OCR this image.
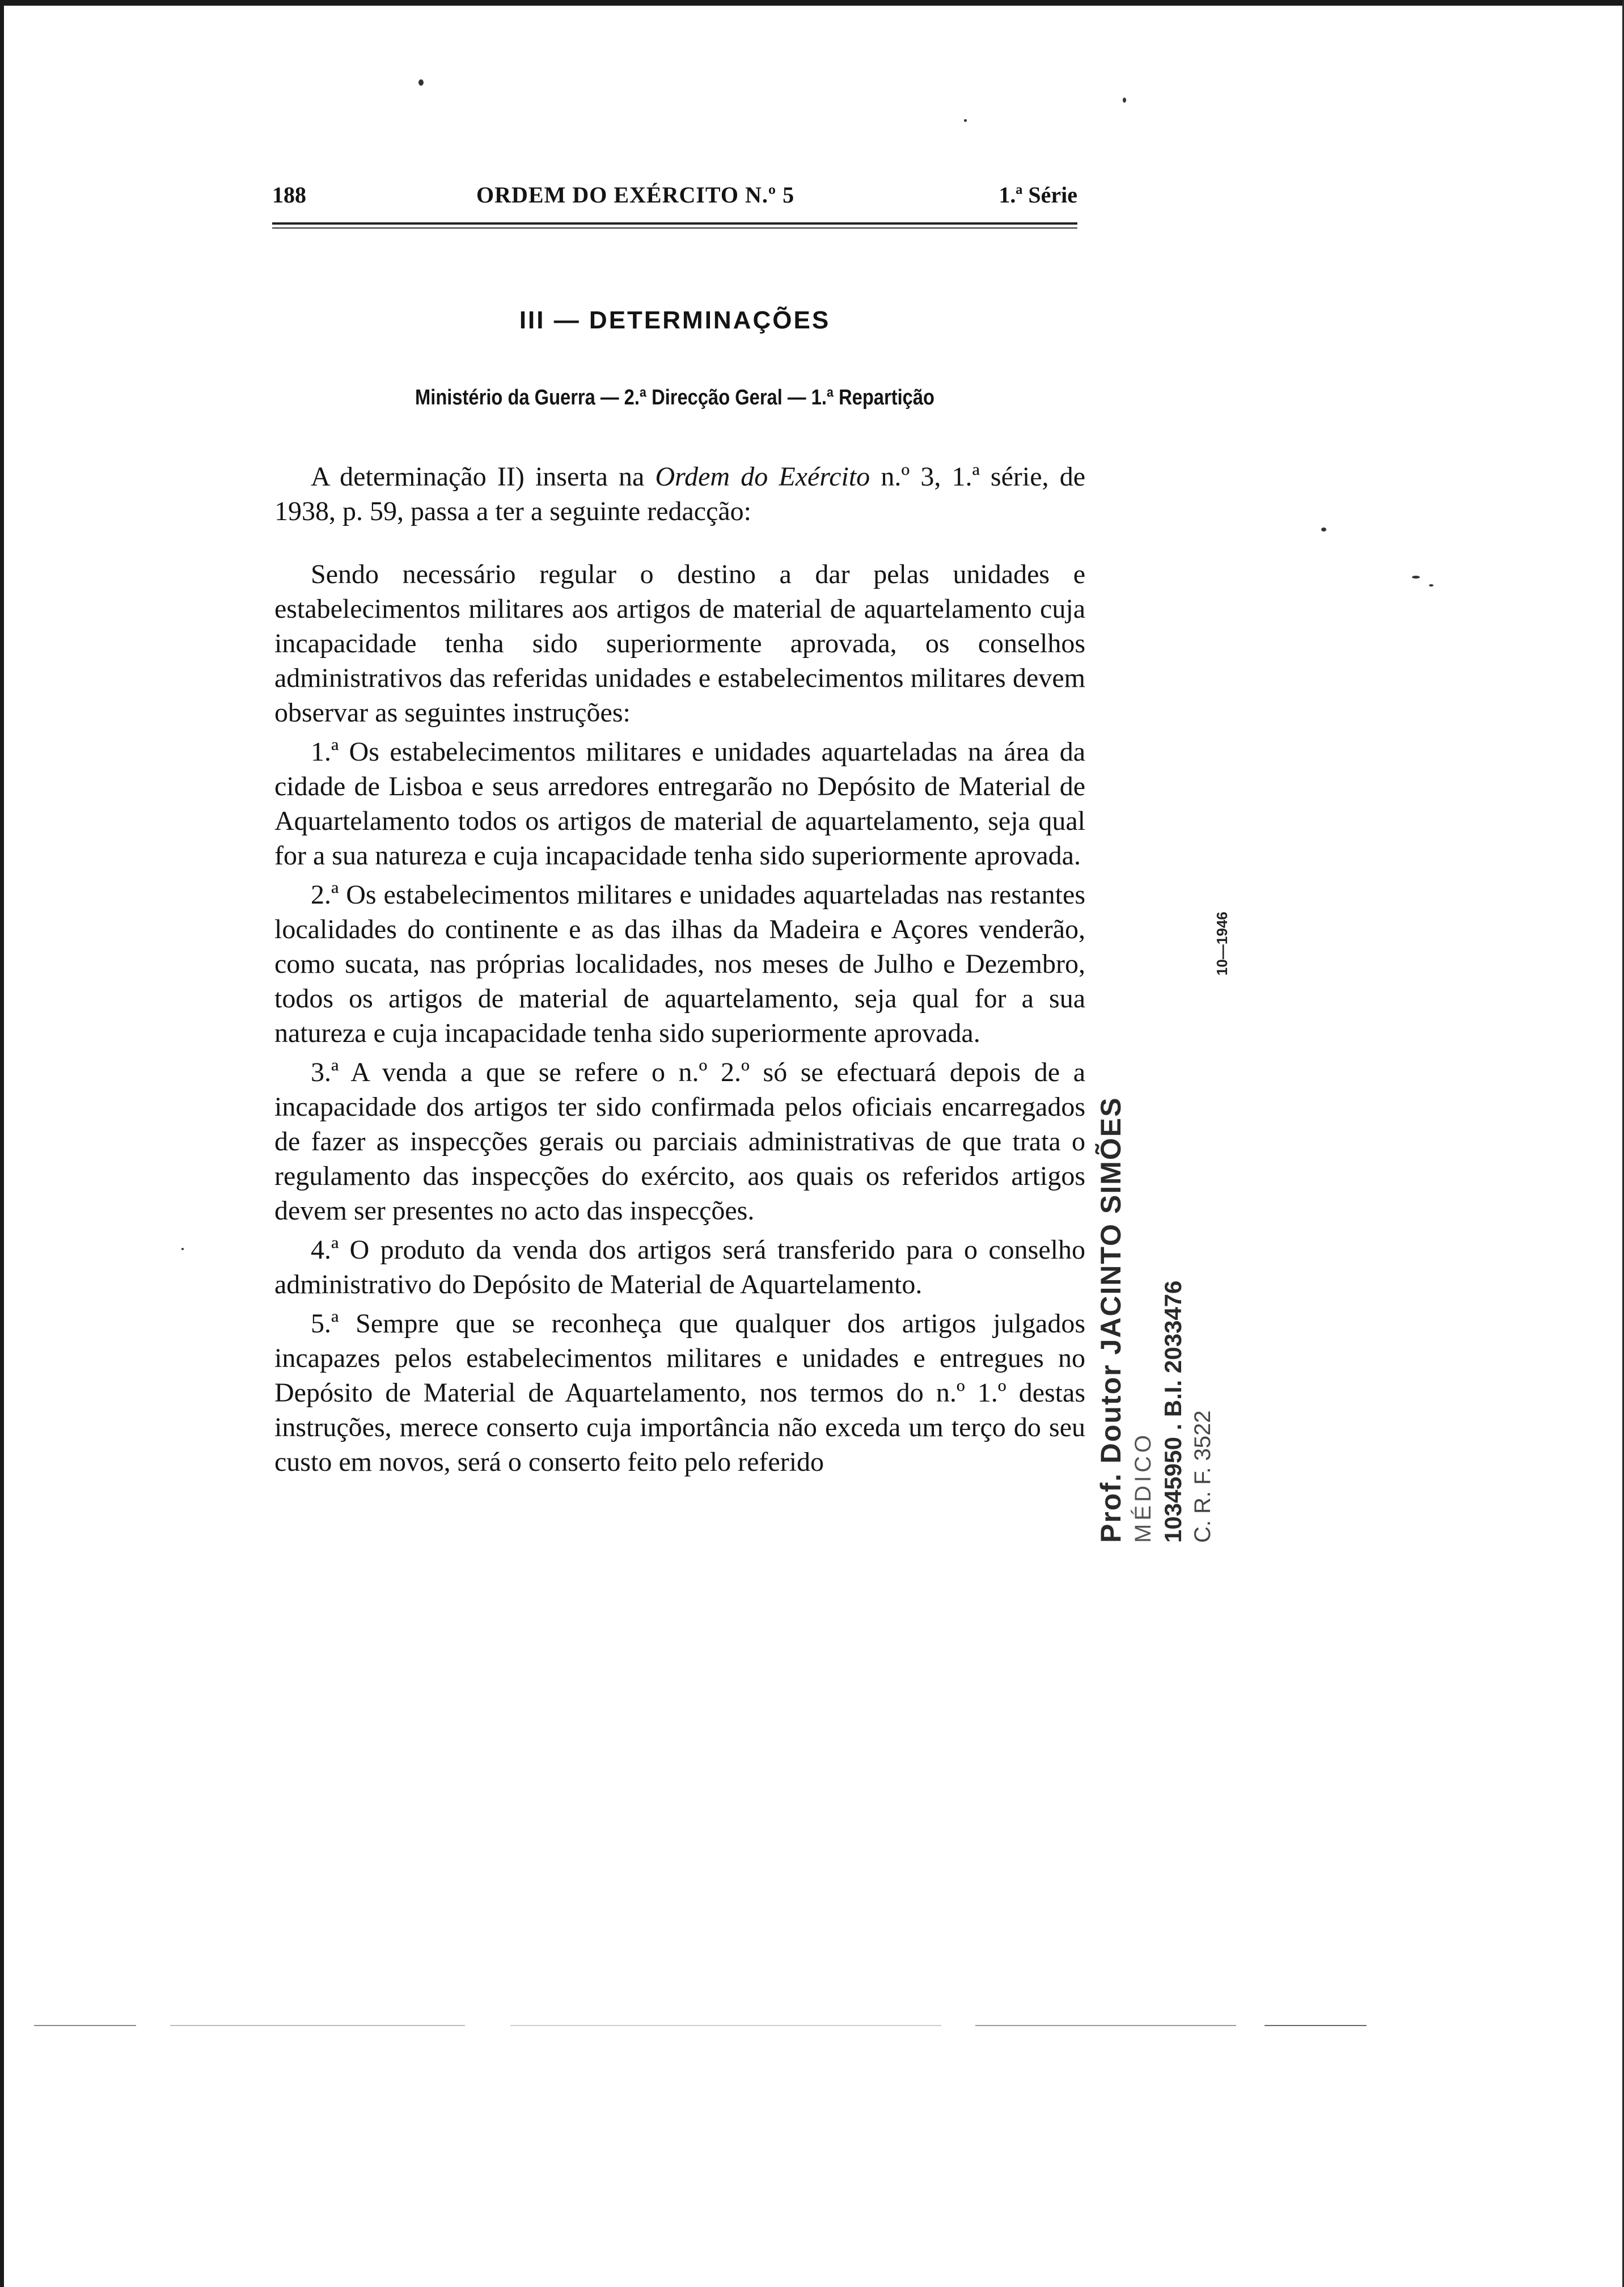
188	ORDEM DO EXÉRCITO N.º 5	1.ª Série
III — DETERMINAÇÕES
Ministério da Guerra — 2.ª Direcção Geral — 1.ª Repartição

A determinação II) inserta na Ordem do Exército n.º 3, 1.ª série, de 1938, p. 59, passa a ter a seguinte redacção:

Sendo necessário regular o destino a dar pelas unidades e estabelecimentos militares aos artigos de material de aquartelamento cuja incapacidade tenha sido superiormente aprovada, os conselhos administrativos das referidas unidades e estabelecimentos militares devem observar as seguintes instruções:

1.ª Os estabelecimentos militares e unidades aquarteladas na área da cidade de Lisboa e seus arredores entregarão no Depósito de Material de Aquartelamento todos os artigos de material de aquartelamento, seja qual for a sua natureza e cuja incapacidade tenha sido superiormente aprovada.

2.ª Os estabelecimentos militares e unidades aquarteladas nas restantes localidades do continente e as das ilhas da Madeira e Açores venderão, como sucata, nas próprias localidades, nos meses de Julho e Dezembro, todos os artigos de material de aquartelamento, seja qual for a sua natureza e cuja incapacidade tenha sido superiormente aprovada.

3.ª A venda a que se refere o n.º 2.º só se efectuará depois de a incapacidade dos artigos ter sido confirmada pelos oficiais encarregados de fazer as inspecções gerais ou parciais administrativas de que trata o regulamento das inspecções do exército, aos quais os referidos artigos devem ser presentes no acto das inspecções.

4.ª O produto da venda dos artigos será transferido para o conselho administrativo do Depósito de Material de Aquartelamento.

5.ª Sempre que se reconheça que qualquer dos artigos julgados incapazes pelos estabelecimentos militares e unidades e entregues no Depósito de Material de Aquartelamento, nos termos do n.º 1.º destas instruções, merece conserto cuja importância não exceda um terço do seu custo em novos, será o conserto feito pelo referido	Prof. Doutor JACINTO SIMÕES MÉDICO 10345950 . B.I. 2033476 C. R. F. 3522
10—1946
